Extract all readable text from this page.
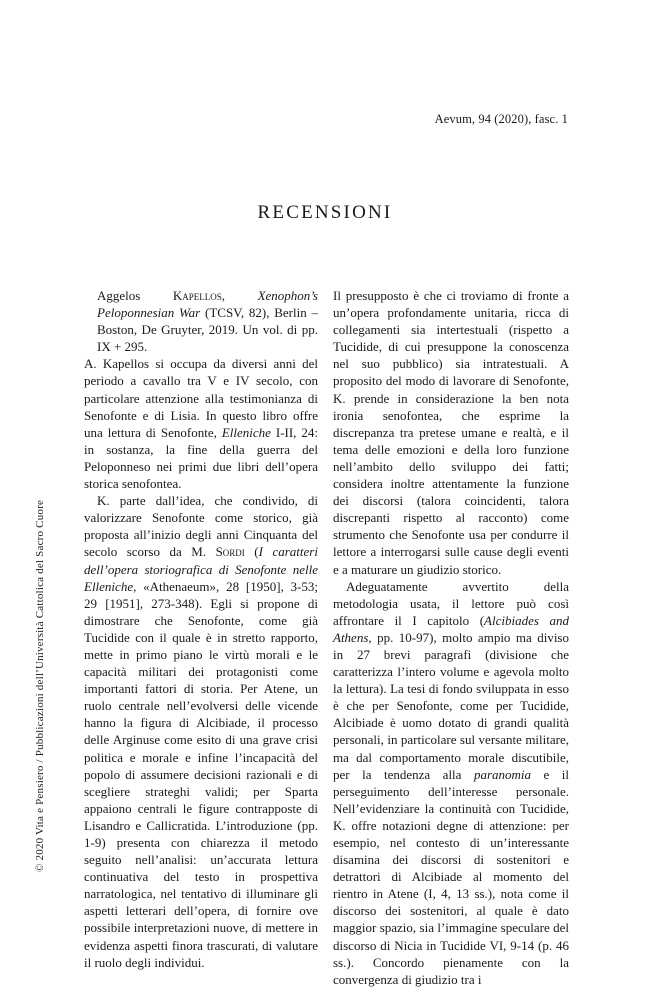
Aevum, 94 (2020), fasc. 1
RECENSIONI
© 2020 Vita e Pensiero / Pubblicazioni dell’Università Cattolica del Sacro Cuore

Aggelos Kapellos, Xenophon’s Peloponnesian War (TCSV, 82), Berlin – Boston, De Gruyter, 2019. Un vol. di pp. IX + 295.

A. Kapellos si occupa da diversi anni del periodo a cavallo tra V e IV secolo, con particolare attenzione alla testimonianza di Senofonte e di Lisia. In questo libro offre una lettura di Senofonte, Elleniche I-II, 24: in sostanza, la fine della guerra del Peloponneso nei primi due libri dell’opera storica senofontea.

K. parte dall’idea, che condivido, di valorizzare Senofonte come storico, già proposta all’inizio degli anni Cinquanta del secolo scorso da M. Sordi (I caratteri dell’opera storiografica di Senofonte nelle Elleniche, «Athenaeum», 28 [1950], 3-53; 29 [1951], 273-348). Egli si propone di dimostrare che Senofonte, come già Tucidide con il quale è in stretto rapporto, mette in primo piano le virtù morali e le capacità militari dei protagonisti come importanti fattori di storia. Per Atene, un ruolo centrale nell’evolversi delle vicende hanno la figura di Alcibiade, il processo delle Arginuse come esito di una grave crisi politica e morale e infine l’incapacità del popolo di assumere decisioni razionali e di scegliere strateghi validi; per Sparta appaiono centrali le figure contrapposte di Lisandro e Callicratida. L’introduzione (pp. 1-9) presenta con chiarezza il metodo seguito nell’analisi: un’accurata lettura continuativa del testo in prospettiva narratologica, nel tentativo di illuminare gli aspetti letterari dell’opera, di fornire ove possibile interpretazioni nuove, di mettere in evidenza aspetti finora trascurati, di valutare il ruolo degli individui.

Il presupposto è che ci troviamo di fronte a un’opera profondamente unitaria, ricca di collegamenti sia intertestuali (rispetto a Tucidide, di cui presuppone la conoscenza nel suo pubblico) sia intratestuali. A proposito del modo di lavorare di Senofonte, K. prende in considerazione la ben nota ironia senofontea, che esprime la discrepanza tra pretese umane e realtà, e il tema delle emozioni e della loro funzione nell’ambito dello sviluppo dei fatti; considera inoltre attentamente la funzione dei discorsi (talora coincidenti, talora discrepanti rispetto al racconto) come strumento che Senofonte usa per condurre il lettore a interrogarsi sulle cause degli eventi e a maturare un giudizio storico.

Adeguatamente avvertito della metodologia usata, il lettore può così affrontare il I capitolo (Alcibiades and Athens, pp. 10-97), molto ampio ma diviso in 27 brevi paragrafi (divisione che caratterizza l’intero volume e agevola molto la lettura). La tesi di fondo sviluppata in esso è che per Senofonte, come per Tucidide, Alcibiade è uomo dotato di grandi qualità personali, in particolare sul versante militare, ma dal comportamento morale discutibile, per la tendenza alla paranomia e il perseguimento dell’interesse personale. Nell’evidenziare la continuità con Tucidide, K. offre notazioni degne di attenzione: per esempio, nel contesto di un’interessante disamina dei discorsi di sostenitori e detrattori di Alcibiade al momento del rientro in Atene (I, 4, 13 ss.), nota come il discorso dei sostenitori, al quale è dato maggior spazio, sia l’immagine speculare del discorso di Nicia in Tucidide VI, 9-14 (p. 46 ss.). Concordo pienamente con la convergenza di giudizio tra i
